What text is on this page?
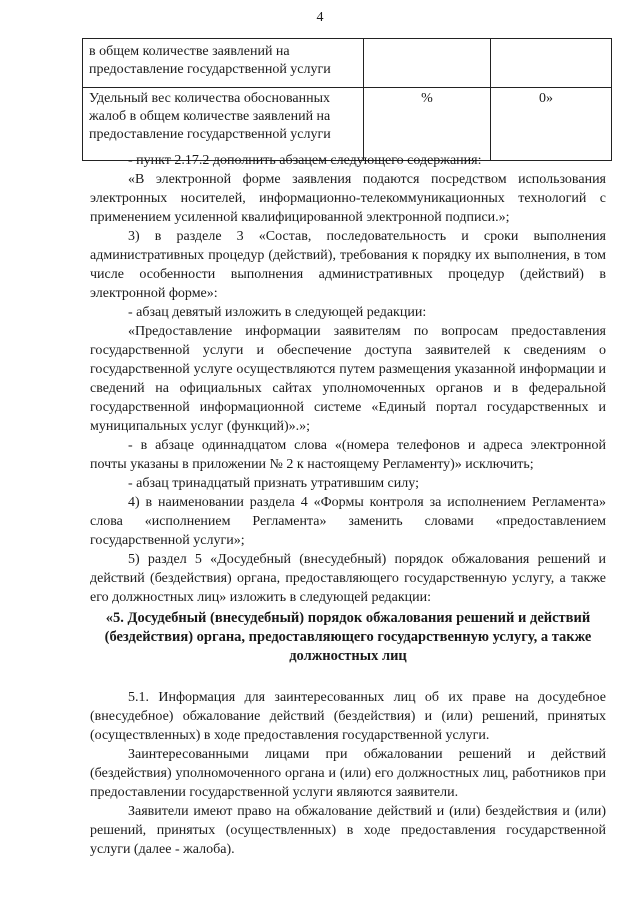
4
в общем количестве заявлений на предоставление государственной услуги		
Удельный вес количества обоснованных жалоб в общем количестве заявлений на предоставление государственной услуги	%	0»

- пункт 2.17.2 дополнить абзацем следующего содержания:

«В электронной форме заявления подаются посредством использования электронных носителей, информационно-телекоммуникационных технологий с применением усиленной квалифицированной электронной подписи.»;

3) в разделе 3 «Состав, последовательность и сроки выполнения административных процедур (действий), требования к порядку их выполнения, в том числе особенности выполнения административных процедур (действий) в электронной форме»:

- абзац девятый изложить в следующей редакции:

«Предоставление информации заявителям по вопросам предоставления государственной услуги и обеспечение доступа заявителей к сведениям о государственной услуге осуществляются путем размещения указанной информации и сведений на официальных сайтах уполномоченных органов и в федеральной государственной информационной системе «Единый портал государственных и муниципальных услуг (функций)».»;

- в абзаце одиннадцатом слова «(номера телефонов и адреса электронной почты указаны в приложении № 2 к настоящему Регламенту)» исключить;

- абзац тринадцатый признать утратившим силу;

4) в наименовании раздела 4 «Формы контроля за исполнением Регламента» слова «исполнением Регламента» заменить словами «предоставлением государственной услуги»;

5) раздел 5 «Досудебный (внесудебный) порядок обжалования решений и действий (бездействия) органа, предоставляющего государственную услугу, а также его должностных лиц» изложить в следующей редакции:

«5. Досудебный (внесудебный) порядок обжалования решений и действий (бездействия) органа, предоставляющего государственную услугу, а также должностных лиц

5.1. Информация для заинтересованных лиц об их праве на досудебное (внесудебное) обжалование действий (бездействия) и (или) решений, принятых (осуществленных) в ходе предоставления государственной услуги.

Заинтересованными лицами при обжаловании решений и действий (бездействия) уполномоченного органа и (или) его должностных лиц, работников при предоставлении государственной услуги являются заявители.

Заявители имеют право на обжалование действий и (или) бездействия и (или) решений, принятых (осуществленных) в ходе предоставления государственной услуги (далее - жалоба).
